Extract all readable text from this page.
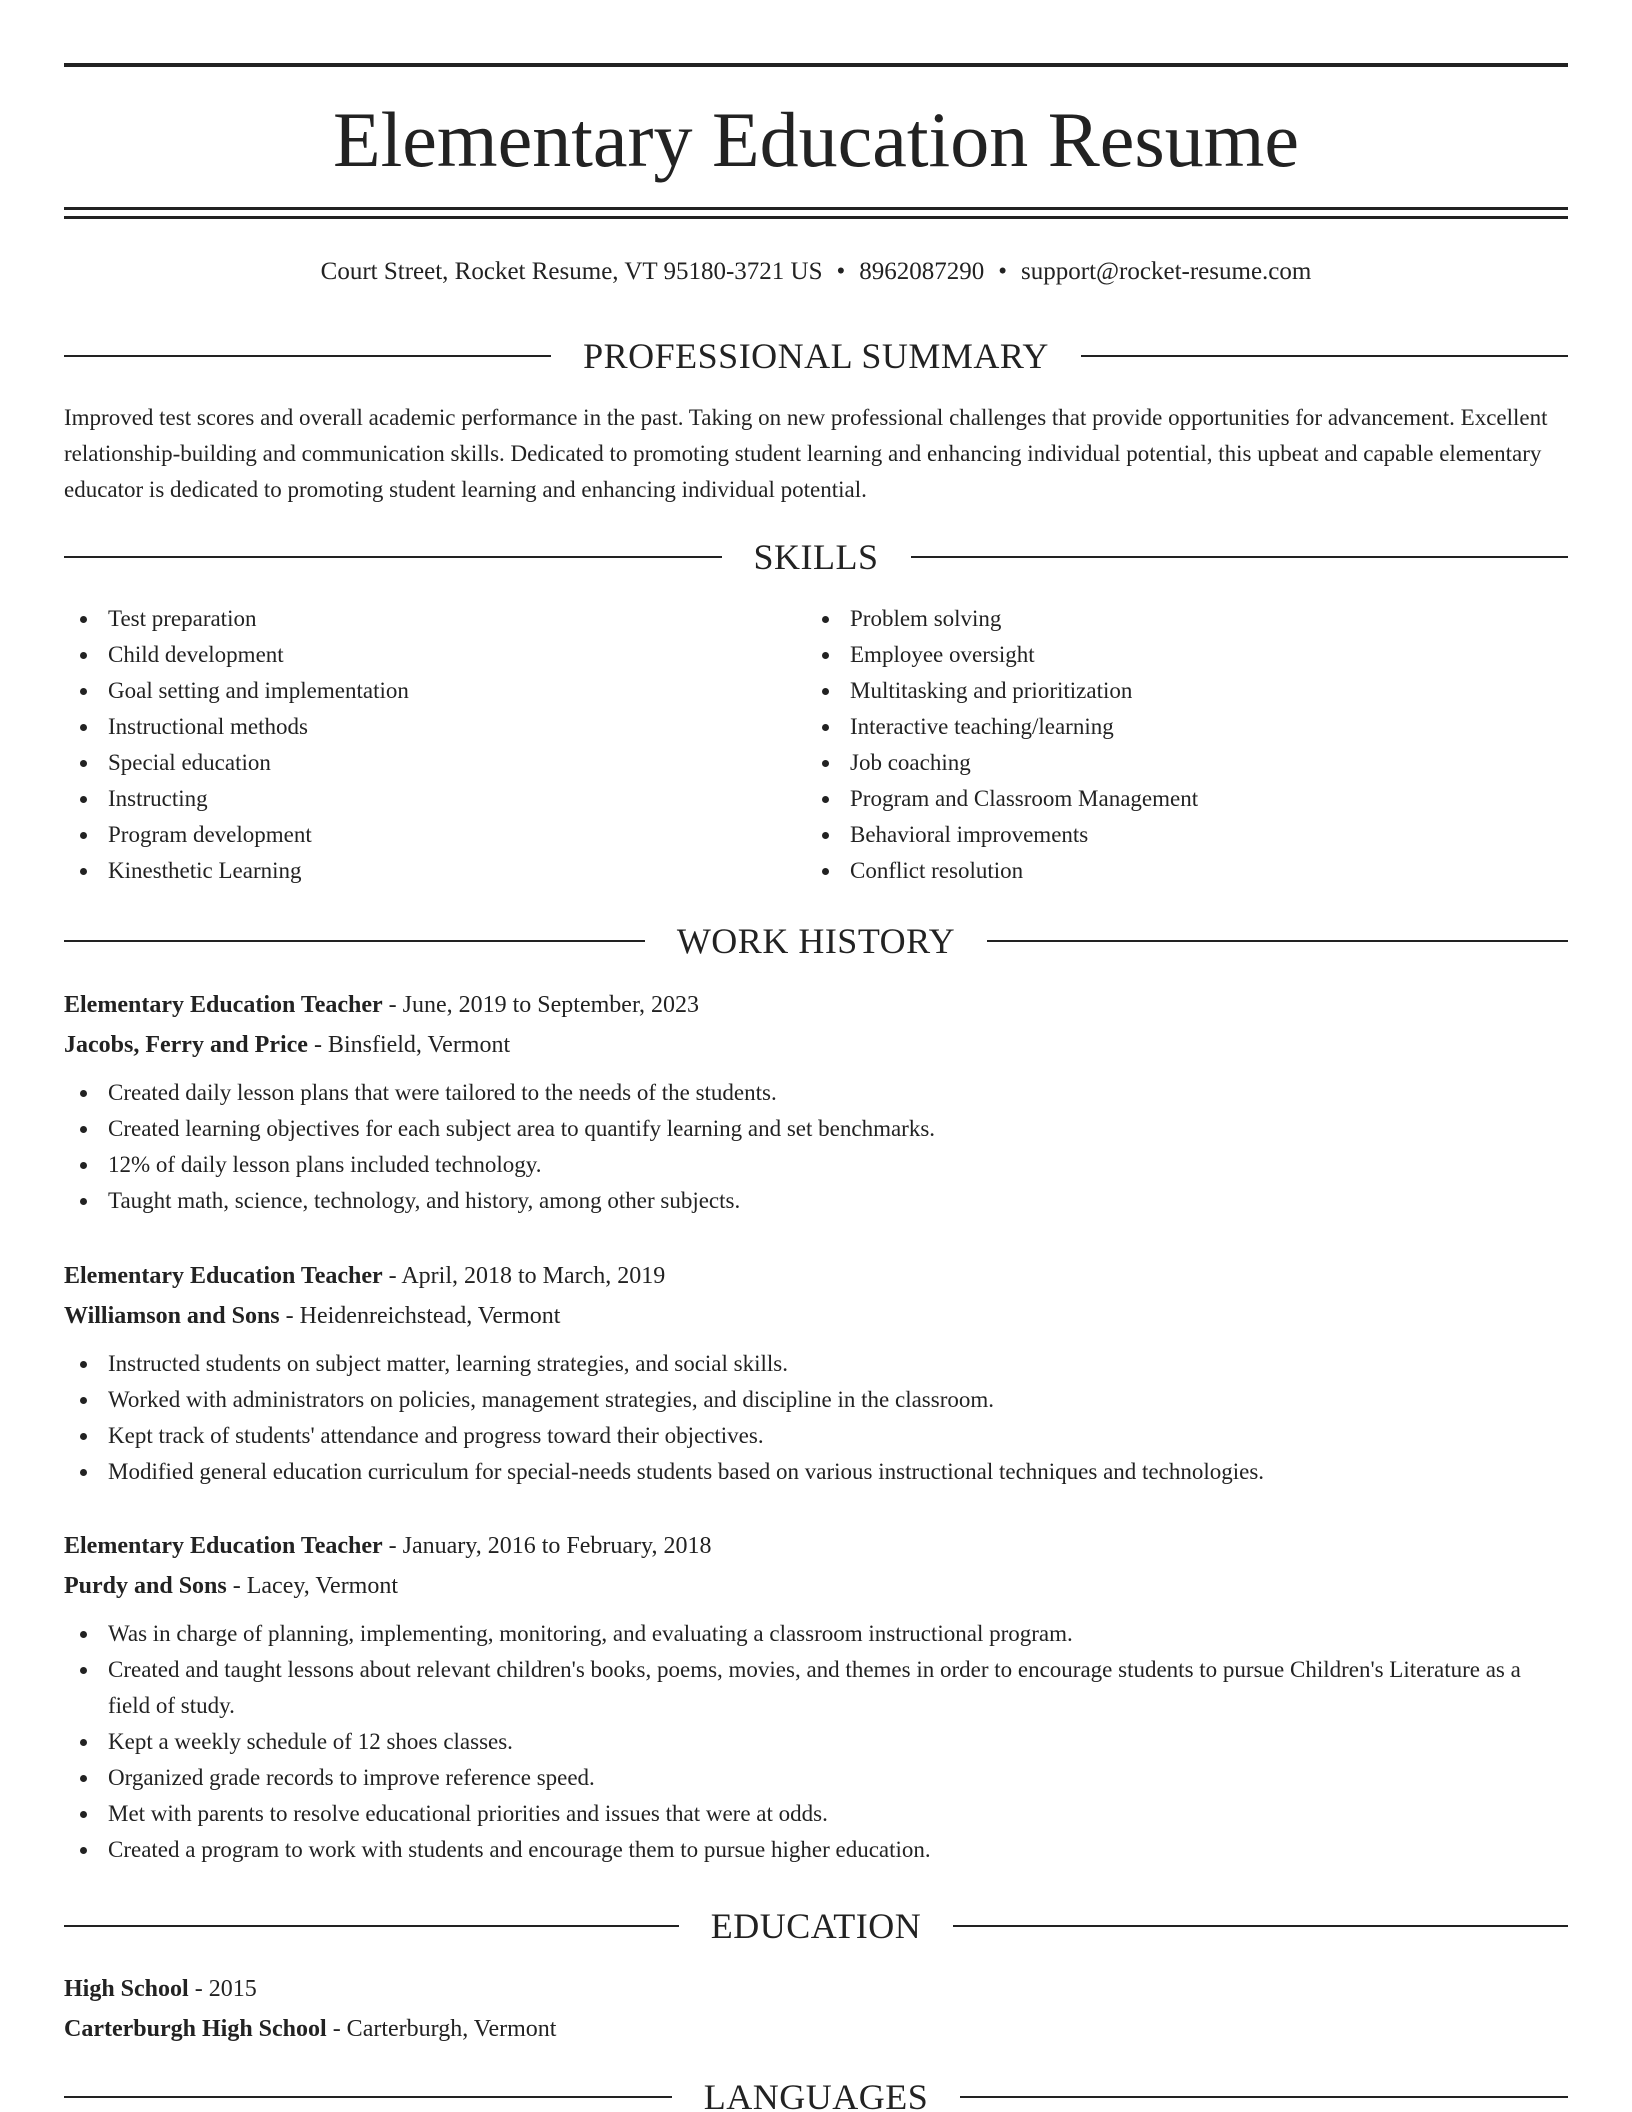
Elementary Education Resume
Court Street, Rocket Resume, VT 95180-3721 US • 8962087290 • support@rocket-resume.com
PROFESSIONAL SUMMARY

Improved test scores and overall academic performance in the past. Taking on new professional challenges that provide opportunities for advancement. Excellent relationship-building and communication skills. Dedicated to promoting student learning and enhancing individual potential, this upbeat and capable elementary educator is dedicated to promoting student learning and enhancing individual potential.

SKILLS
Test preparation
Child development
Goal setting and implementation
Instructional methods
Special education
Instructing
Program development
Kinesthetic Learning
Problem solving
Employee oversight
Multitasking and prioritization
Interactive teaching/learning
Job coaching
Program and Classroom Management
Behavioral improvements
Conflict resolution
WORK HISTORY
Elementary Education Teacher - June, 2019 to September, 2023
Jacobs, Ferry and Price - Binsfield, Vermont
Created daily lesson plans that were tailored to the needs of the students.
Created learning objectives for each subject area to quantify learning and set benchmarks.
12% of daily lesson plans included technology.
Taught math, science, technology, and history, among other subjects.
Elementary Education Teacher - April, 2018 to March, 2019
Williamson and Sons - Heidenreichstead, Vermont
Instructed students on subject matter, learning strategies, and social skills.
Worked with administrators on policies, management strategies, and discipline in the classroom.
Kept track of students' attendance and progress toward their objectives.
Modified general education curriculum for special-needs students based on various instructional techniques and technologies.
Elementary Education Teacher - January, 2016 to February, 2018
Purdy and Sons - Lacey, Vermont
Was in charge of planning, implementing, monitoring, and evaluating a classroom instructional program.
Created and taught lessons about relevant children's books, poems, movies, and themes in order to encourage students to pursue Children's Literature as a field of study.
Kept a weekly schedule of 12 shoes classes.
Organized grade records to improve reference speed.
Met with parents to resolve educational priorities and issues that were at odds.
Created a program to work with students and encourage them to pursue higher education.
EDUCATION
High School - 2015
Carterburgh High School - Carterburgh, Vermont
LANGUAGES
